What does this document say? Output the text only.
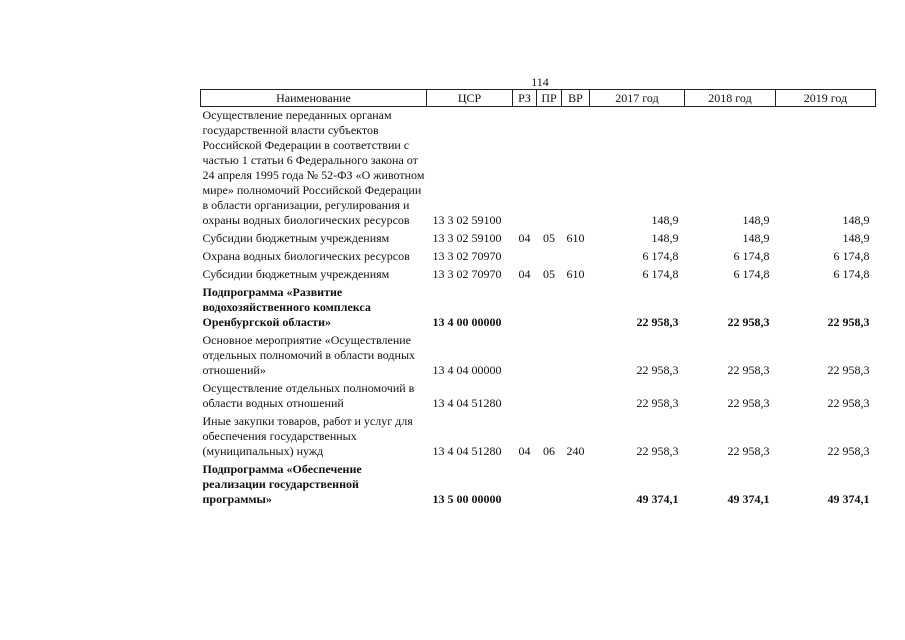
114
Наименование	ЦСР	РЗ	ПР	ВР	2017 год	2018 год	2019 год
Осуществление переданных органам государственной власти субъектов Российской Федерации в соответствии с частью 1 статьи 6 Федерального закона от 24 апреля 1995 года № 52-ФЗ «О животном мире» полномочий Российской Федерации в области организации, регулирования и охраны водных биологических ресурсов	13 3 02 59100				148,9	148,9	148,9
Субсидии бюджетным учреждениям	13 3 02 59100	04	05	610	148,9	148,9	148,9
Охрана водных биологических ресурсов	13 3 02 70970				6 174,8	6 174,8	6 174,8
Субсидии бюджетным учреждениям	13 3 02 70970	04	05	610	6 174,8	6 174,8	6 174,8
Подпрограмма «Развитие водохозяйственного комплекса Оренбургской области»	13 4 00 00000				22 958,3	22 958,3	22 958,3
Основное мероприятие «Осуществление отдельных полномочий в области водных отношений»	13 4 04 00000				22 958,3	22 958,3	22 958,3
Осуществление отдельных полномочий в области водных отношений	13 4 04 51280				22 958,3	22 958,3	22 958,3
Иные закупки товаров, работ и услуг для обеспечения государственных (муниципальных) нужд	13 4 04 51280	04	06	240	22 958,3	22 958,3	22 958,3
Подпрограмма «Обеспечение реализации государственной программы»	13 5 00 00000				49 374,1	49 374,1	49 374,1
